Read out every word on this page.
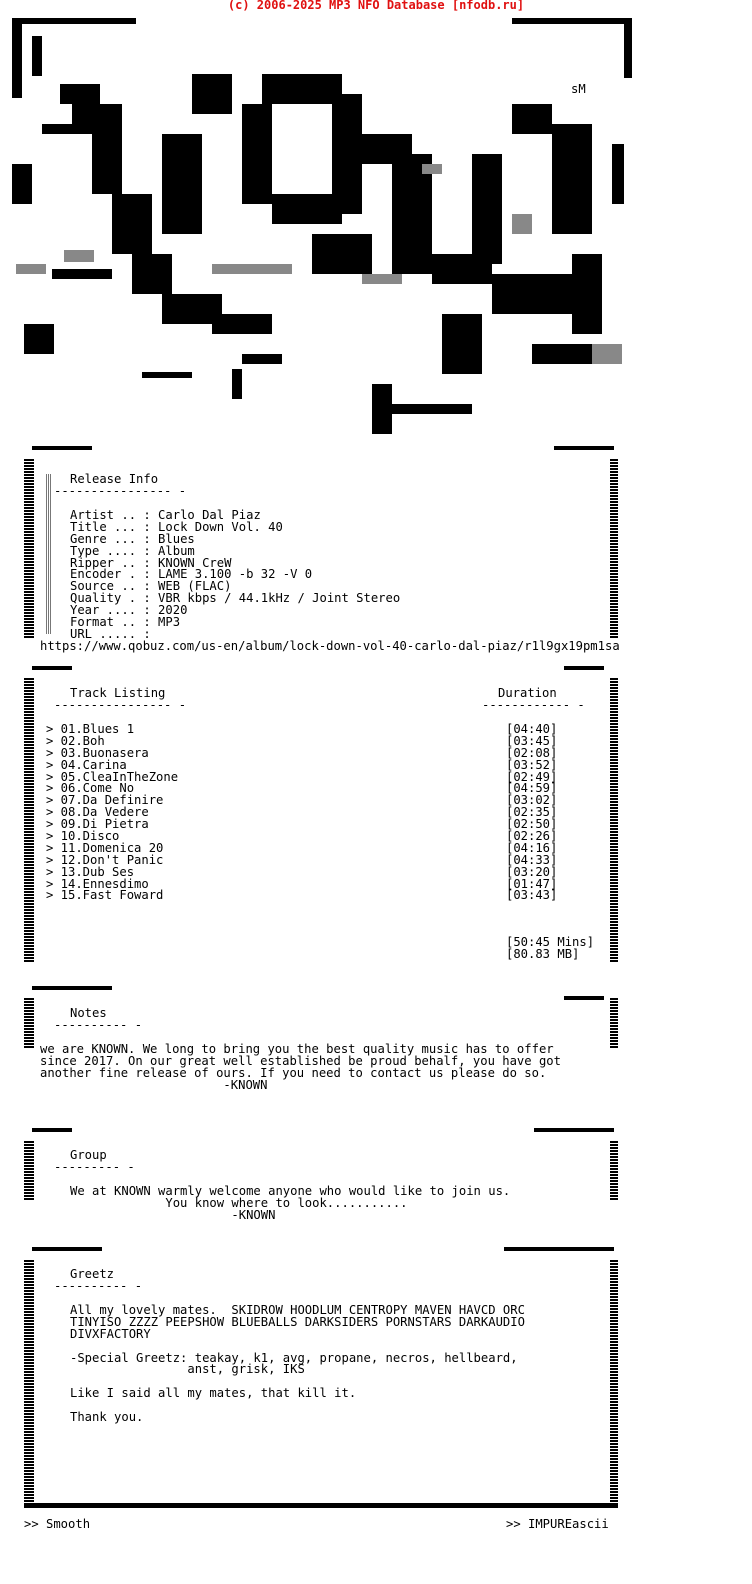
(c) 2006-2025 MP3 NFO Database [nfodb.ru]
sM
Release Info
---------------- -
Artist .. : Carlo Dal Piaz
Title ... : Lock Down Vol. 40
Genre ... : Blues
Type .... : Album
Ripper .. : KNOWN CreW
Encoder . : LAME 3.100 -b 32 -V 0
Source .. : WEB (FLAC)
Quality . : VBR kbps / 44.1kHz / Joint Stereo
Year .... : 2020
Format .. : MP3
URL ..... :
https://www.qobuz.com/us-en/album/lock-down-vol-40-carlo-dal-piaz/r1l9gx19pm1sa
Track Listing
---------------- -
Duration
------------ -
> 01.Blues 1
> 02.Boh
> 03.Buonasera
> 04.Carina
> 05.CleaInTheZone
> 06.Come No
> 07.Da Definire
> 08.Da Vedere
> 09.Di Pietra
> 10.Disco
> 11.Domenica 20
> 12.Don't Panic
> 13.Dub Ses
> 14.Ennesdimo
> 15.Fast Foward
[04:40]
[03:45]
[02:08]
[03:52]
[02:49]
[04:59]
[03:02]
[02:35]
[02:50]
[02:26]
[04:16]
[04:33]
[03:20]
[01:47]
[03:43]
[50:45 Mins]
[80.83 MB]
Notes
---------- -
we are KNOWN. We long to bring you the best quality music has to offer
since 2017. On our great well established be proud behalf, you have got
another fine release of ours. If you need to contact us please do so.
-KNOWN
Group
--------- -
We at KNOWN warmly welcome anyone who would like to join us.
You know where to look...........
-KNOWN
Greetz
---------- -
All my lovely mates.  SKIDROW HOODLUM CENTROPY MAVEN HAVCD ORC
TINYISO ZZZZ PEEPSHOW BLUEBALLS DARKSIDERS PORNSTARS DARKAUDIO
DIVXFACTORY
-Special Greetz: teakay, k1, avg, propane, necros, hellbeard,
anst, grisk, IKS
Like I said all my mates, that kill it.
Thank you.
>> Smooth	>> IMPUREascii
